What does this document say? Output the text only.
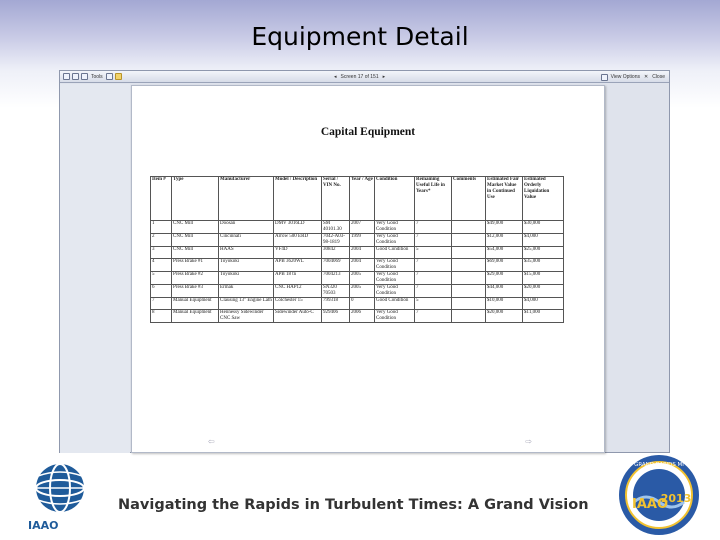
Equipment Detail
Tools	◂ Screen 17 of 151 ▸	View Options ✕ Close
Capital Equipment
Item #	Type	Manufacturer	Model / Description	Serial / VIN No.	Year / Age	Condition	Remaining Useful Life in Years*	Comments	Estimated Fair Market Value in Continued Use	Estimated Orderly Liquidation Value
1	CNC Mill	Doosan	DMV 3016LD	SM 40101.30	2007	Very Good Condition	7		$49,000	$30,000
2	CNC Mill	Cincinnati	Arrow 500 ERD	7042-A03-98-1819	1999	Very Good Condition	7		$12,000	$4,000
3	CNC Mill	HAAS	VF4D	30842	2004	Good Condition	5		$54,000	$25,000
4	Press Brake #1	Toyokoki	APB 3620WL	7004069	2004	Very Good Condition	7		$69,000	$35,000
5	Press Brake #2	Toyokoki	APB 18 tn	7004213	2005	Very Good Condition	7		$29,000	$15,000
6	Press Brake #3	Ermak	CNC HAP12	SN320 70503	2005	Very Good Condition	7		$44,000	$20,000
7	Manual Equipment	Clausing 13" Engine Lath	Colchester 15	799318	0	Good Condition	5		$10,000	$4,000
8	Manual Equipment	Hennessy Sidewinder CNC Saw	Sidewinder Auto-C	929406	2006	Very Good Condition	7		$20,000	$11,000
⇦	⇨
IAAO
Navigating the Rapids in Turbulent Times: A Grand Vision
GRAND RAPIDS MI
IAAO
2013
